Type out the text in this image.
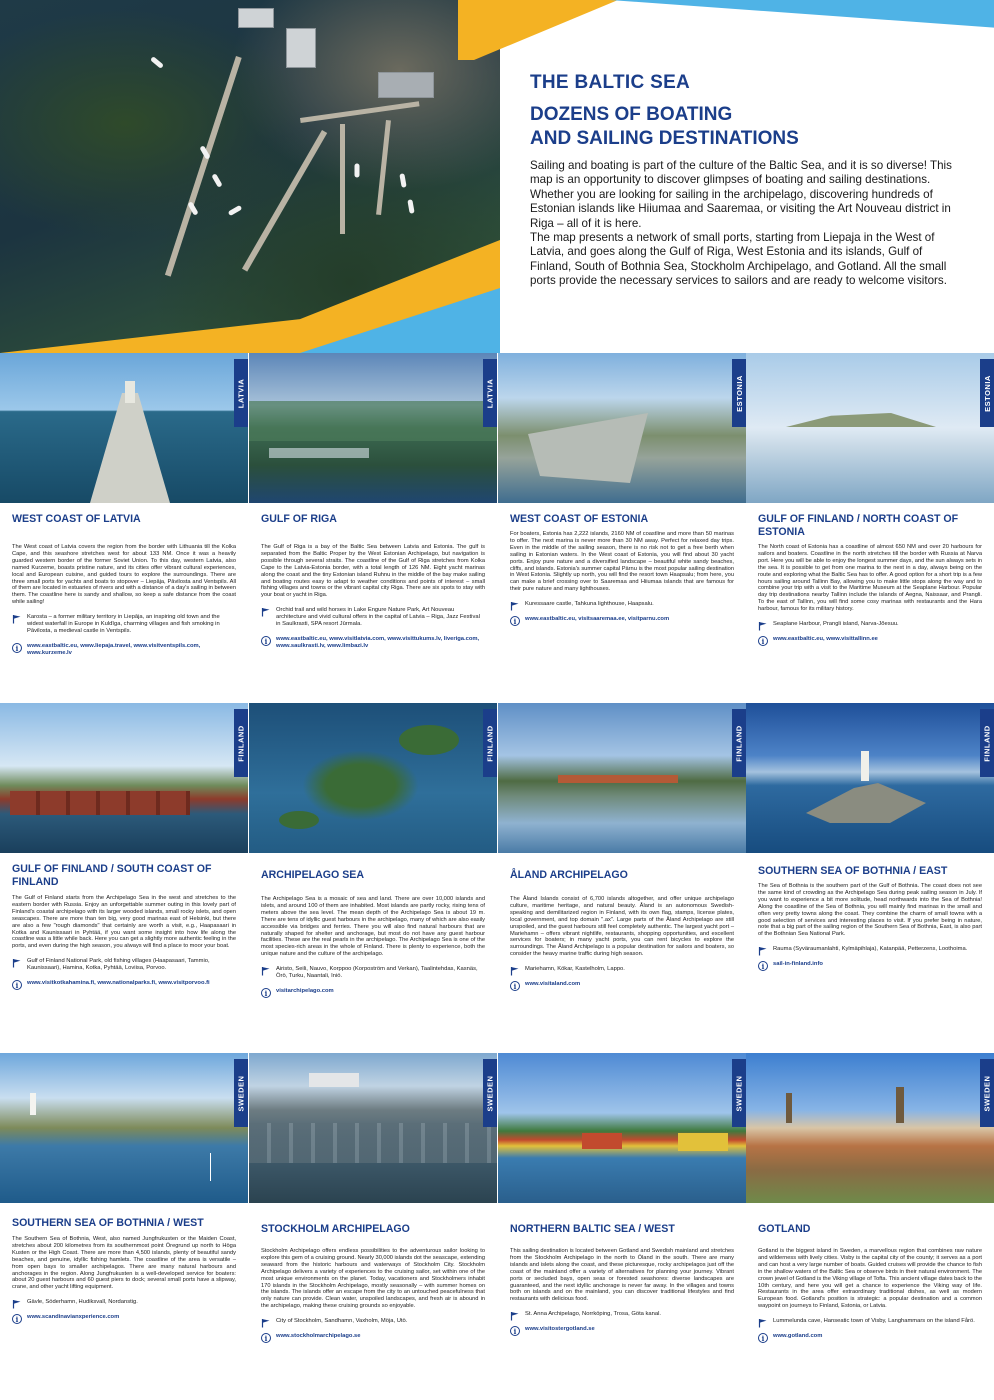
THE BALTIC SEA
DOZENS OF BOATING
AND SAILING DESTINATIONS

Sailing and boating is part of the culture of the Baltic Sea, and it is so diverse! This map is an opportunity to discover glimpses of boating and sailing destinations. Whether you are looking for sailing in the archipelago, discovering hundreds of Estonian islands like Hiiumaa and Saaremaa, or visiting the Art Nouveau district in Riga – all of it is here.

The map presents a network of small ports, starting from Liepaja in the West of Latvia, and goes along the Gulf of Riga, West Estonia and its islands, Gulf of Finland, South of Bothnia Sea, Stockholm Archipelago, and Gotland. All the small ports provide the necessary services to sailors and are ready to welcome visitors.

LATVIA
WEST COAST OF LATVIA

The West coast of Latvia covers the region from the border with Lithuania till the Kolka Cape, and this seashore stretches west for about 133 NM. Once it was a heavily guarded western border of the former Soviet Union. To this day, western Latvia, also named Kurzeme, boasts pristine nature, and its cities offer vibrant cultural experiences, local and European cuisine, and guided tours to explore the surroundings. There are three small ports for yachts and boats to stopover – Liepāja, Pāvilosta and Ventspils. All of them are located in estuaries of rivers and with a distance of a day's sailing in between them. The coastline here is sandy and shallow, so keep a safe distance from the coast while sailing!

Karosta – a former military territory in Liepāja, an inspiring old town and the widest waterfall in Europe in Kuldīga, charming villages and fish smoking in Pāvilosta, a medieval castle in Ventspils.
i
www.eastbaltic.eu, www.liepaja.travel, www.visitventspils.com, www.kurzeme.lv
LATVIA
GULF OF RIGA

The Gulf of Riga is a bay of the Baltic Sea between Latvia and Estonia. The gulf is separated from the Baltic Proper by the West Estonian Archipelago, but navigation is possible through several straits. The coastline of the Gulf of Riga stretches from Kolka Cape to the Latvia-Estonia border, with a total length of 126 NM. Eight yacht marinas along the coast and the tiny Estonian island Ruhnu in the middle of the bay make sailing and boating routes easy to adapt to weather conditions and points of interest – small fishing villages and towns or the vibrant capital city Riga. There are six spots to stay with your boat or yacht in Riga.

Orchid trail and wild horses in Lake Engure Nature Park, Art Nouveau architecture and vivid cultural offers in the capital of Latvia – Riga, Jazz Festival in Saulkrasti, SPA resort Jūrmala.
i
www.eastbaltic.eu, www.visitlatvia.com, www.visittukums.lv, liveriga.com, www.saulkrasti.lv, www.limbazi.lv
ESTONIA
WEST COAST OF ESTONIA

For boaters, Estonia has 2,222 islands, 2160 NM of coastline and more than 50 marinas to offer. The next marina is never more than 30 NM away. Perfect for relaxed day trips. Even in the middle of the sailing season, there is no risk not to get a free berth when sailing in Estonian waters. In the West coast of Estonia, you will find about 30 yacht ports. Enjoy pure nature and a diversified landscape – beautiful white sandy beaches, cliffs, and islands. Estonia's summer capital Pärnu is the most popular sailing destination in West Estonia. Slightly up north, you will find the resort town Haapsalu; from here, you can make a brief crossing over to Saaremaa and Hiiumaa islands that are famous for their pure nature and many lighthouses.

Kuressaare castle, Tahkuna lighthouse, Haapsalu.
i
www.eastbaltic.eu, visitsaaremaa.ee, visitparnu.com
ESTONIA
GULF OF FINLAND / NORTH COAST OF ESTONIA

The North coast of Estonia has a coastline of almost 650 NM and over 20 harbours for sailors and boaters. Coastline in the north stretches till the border with Russia at Narva port. Here you will be able to enjoy the longest summer days, and the sun always sets in the sea. It is possible to get from one marina to the next in a day, always being on the route and exploring what the Baltic Sea has to offer. A good option for a short trip is a few hours sailing around Tallinn Bay, allowing you to make little stops along the way and to combine your trip with a visit to the Maritime Museum at the Seaplane Harbour. Popular day trip destinations nearby Tallinn include the islands of Aegna, Naissaar, and Prangli. To the east of Tallinn, you will find some cosy marinas with restaurants and the Hara harbour, famous for its military history.

Seaplane Harbour, Prangli island, Narva-Jõesuu.
i
www.eastbaltic.eu, www.visittallinn.ee
FINLAND
GULF OF FINLAND / SOUTH COAST OF FINLAND

The Gulf of Finland starts from the Archipelago Sea in the west and stretches to the eastern border with Russia. Enjoy an unforgettable summer outing in this lovely part of Finland's coastal archipelago with its larger wooded islands, small rocky islets, and open seascapes. There are more than ten big, very good marinas east of Helsinki, but there are also a few "rough diamonds" that certainly are worth a visit, e.g., Haapasaari in Kotka and Kaunissaari in Pyhtää, if you want some insight into how life along the coastline was a little while back. Here you can get a slightly more authentic feeling in the ports, and even during the high season, you always will find a place to moor your boat.

Gulf of Finland National Park, old fishing villages (Haapasaari, Tammio, Kaunissaari), Hamina, Kotka, Pyhtää, Loviisa, Porvoo.
i
www.visitkotkahamina.fi, www.nationalparks.fi, www.visitporvoo.fi
FINLAND
ARCHIPELAGO SEA

The Archipelago Sea is a mosaic of sea and land. There are over 10,000 islands and islets, and around 100 of them are inhabited. Most islands are partly rocky, rising tens of meters above the sea level. The mean depth of the Archipelago Sea is about 19 m. There are tens of idyllic guest harbours in the archipelago, many of which are also easily accessible via bridges and ferries. There you will also find natural harbours that are naturally shaped for shelter and anchorage, but most do not have any guest harbour facilities. These are the real pearls in the archipelago. The Archipelago Sea is one of the most species-rich areas in the whole of Finland. There is plenty to experience, both the unique nature and the culture of the archipelago.

Airisto, Seili, Nauvo, Korppoo (Korpoström and Verkan), Taalintehdas, Kasnäs, Örö, Turku, Naantali, Iniö.
i
visitarchipelago.com
FINLAND
ÅLAND ARCHIPELAGO

The Åland Islands consist of 6,700 islands altogether, and offer unique archipelago culture, maritime heritage, and natural beauty. Åland is an autonomous Swedish-speaking and demilitarized region in Finland, with its own flag, stamps, license plates, local government, and top domain ".ax". Large parts of the Åland Archipelago are still unspoiled, and the guest harbours still feel completely authentic. The largest yacht port – Mariehamn – offers vibrant nightlife, restaurants, shopping opportunities, and excellent services for boaters; in many yacht ports, you can rent bicycles to explore the surroundings. The Åland Archipelago is a popular destination for sailors and boaters, so consider the heavy marine traffic during high season.

Mariehamn, Kökar, Kastelholm, Lappo.
i
www.visitaland.com
FINLAND
SOUTHERN SEA OF BOTHNIA / EAST

The Sea of Bothnia is the southern part of the Gulf of Bothnia. The coast does not see the same kind of crowding as the Archipelago Sea during peak sailing season in July. If you want to experience a bit more solitude, head northwards into the Sea of Bothnia! Along the coastline of the Sea of Bothnia, you will mainly find marinas in the small and often very pretty towns along the coast. They combine the charm of small towns with a good selection of services and interesting places to visit. If you prefer being in nature, note that a big part of the sailing region of the Southern Sea of Bothnia, East, is also part of the Bothnian Sea National Park.

Rauma (Syväraumanlahti, Kylmäpihlaja), Katanpää, Petterzens, Loothoima.
i
sail-in-finland.info
SWEDEN
SOUTHERN SEA OF BOTHNIA / WEST

The Southern Sea of Bothnia, West, also named Jungfrukusten or the Maiden Coast, stretches about 200 kilometres from its southernmost point Öregrund up north to Höga Kusten or the High Coast. There are more than 4,500 islands, plenty of beautiful sandy beaches, and genuine, idyllic fishing hamlets. The coastline of the area is versatile – from open bays to smaller archipelagos. There are many natural harbours and anchorages in the region. Along Jungfrukusten is a well-developed service for boaters: about 20 guest harbours and 60 guest piers to dock; several small ports have a slipway, crane, and other yacht lifting equipment.

Gävle, Söderhamn, Hudiksvall, Nordanstig.
i
www.scandinavianxperience.com
SWEDEN
STOCKHOLM ARCHIPELAGO

Stockholm Archipelago offers endless possibilities to the adventurous sailor looking to explore this gem of a cruising ground. Nearly 30,000 islands dot the seascape, extending seaward from the historic harbours and waterways of Stockholm City. Stockholm Archipelago delivers a variety of experiences to the cruising sailor, set within one of the most unique environments on the planet. Today, vacationers and Stockholmers inhabit 170 islands in the Stockholm Archipelago, mostly seasonally – with summer homes on the islands. The islands offer an escape from the city to an untouched peacefulness that only nature can provide. Clean water, unspoiled landscapes, and fresh air is abound in the archipelago, making these cruising grounds so enjoyable.

City of Stockholm, Sandhamn, Vaxholm, Möja, Utö.
i
www.stockholmarchipelago.se
SWEDEN
NORTHERN BALTIC SEA / WEST

This sailing destination is located between Gotland and Swedish mainland and stretches from the Stockholm Archipelago in the north to Öland in the south. There are many islands and islets along the coast, and these picturesque, rocky archipelagos just off the coast of the mainland offer a variety of alternatives for planning your journey. Vibrant ports or secluded bays, open seas or forested seashores: diverse landscapes are guaranteed, and the next idyllic anchorage is never far away. In the villages and towns both on islands and on the mainland, you can discover traditional lifestyles and find restaurants with delicious food.

St. Anna Archipelago, Norrköping, Trosa, Göta kanal.
i
www.visitostergotland.se
SWEDEN
GOTLAND

Gotland is the biggest island in Sweden, a marvellous region that combines raw nature and wilderness with lively cities. Visby is the capital city of the county; it serves as a port and can host a very large number of boats. Guided cruises will provide the chance to fish in the shallow waters of the Baltic Sea or observe birds in their natural environment. The crown jewel of Gotland is the Viking village of Tofta. This ancient village dates back to the 10th century, and here you will get a chance to experience the Viking way of life. Restaurants in the area offer extraordinary traditional dishes, as well as modern European food. Gotland's position is strategic: a popular destination and a common waypoint on journeys to Finland, Estonia, or Latvia.

Lummelunda cave, Hanseatic town of Visby, Langhammars on the island Fårö.
i
www.gotland.com
